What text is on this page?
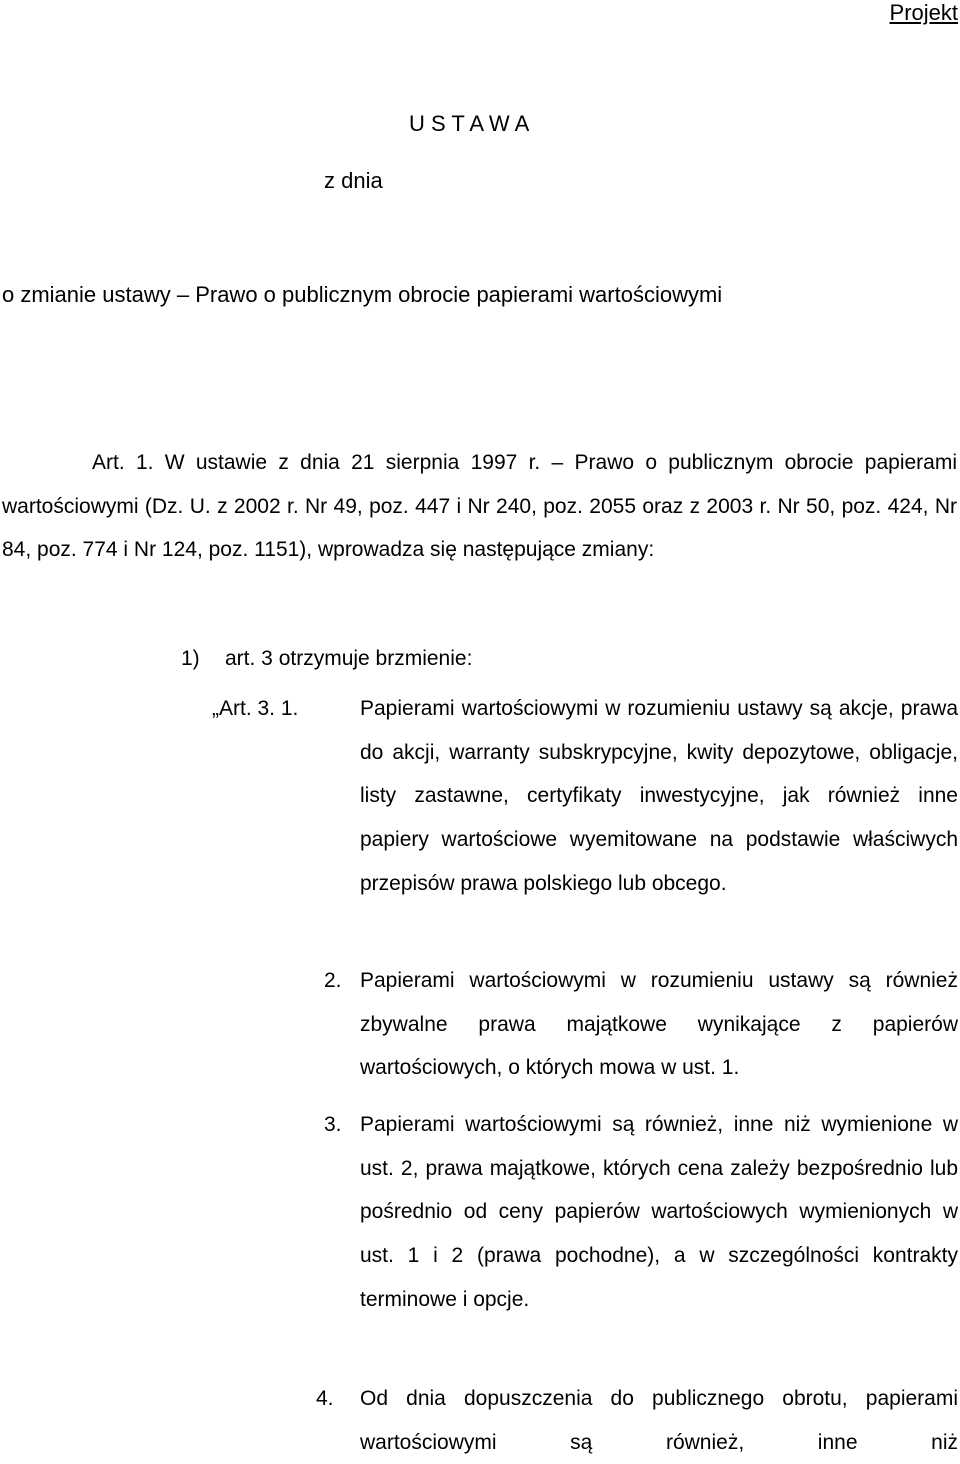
Projekt
U S T A W A
z dnia
o zmianie ustawy – Prawo o publicznym obrocie papierami wartościowymi
Art. 1. W ustawie z dnia 21 sierpnia 1997 r. – Prawo o publicznym obrocie papierami wartościowymi (Dz. U. z 2002 r. Nr 49, poz. 447 i Nr 240, poz. 2055 oraz z 2003 r. Nr 50, poz. 424, Nr 84, poz. 774 i Nr 124, poz. 1151), wprowadza się następujące zmiany:
1) art. 3 otrzymuje brzmienie:
„Art. 3. 1.	Papierami wartościowymi w rozumieniu ustawy są akcje, prawa do akcji, warranty subskrypcyjne, kwity depozytowe, obligacje, listy zastawne, certyfikaty inwestycyjne, jak również inne papiery wartościowe wyemitowane na podstawie właściwych przepisów prawa polskiego lub obcego.
2. Papierami wartościowymi w rozumieniu ustawy są również zbywalne prawa majątkowe wynikające z papierów wartościowych, o których mowa w ust. 1.
3. Papierami wartościowymi są również, inne niż wymienione w ust. 2, prawa majątkowe, których cena zależy bezpośrednio lub pośrednio od ceny papierów wartościowych wymienionych w ust. 1 i 2 (prawa pochodne), a w szczególności kontrakty terminowe i opcje.
4. Od dnia dopuszczenia do publicznego obrotu, papierami wartościowymi są również, inne niż
